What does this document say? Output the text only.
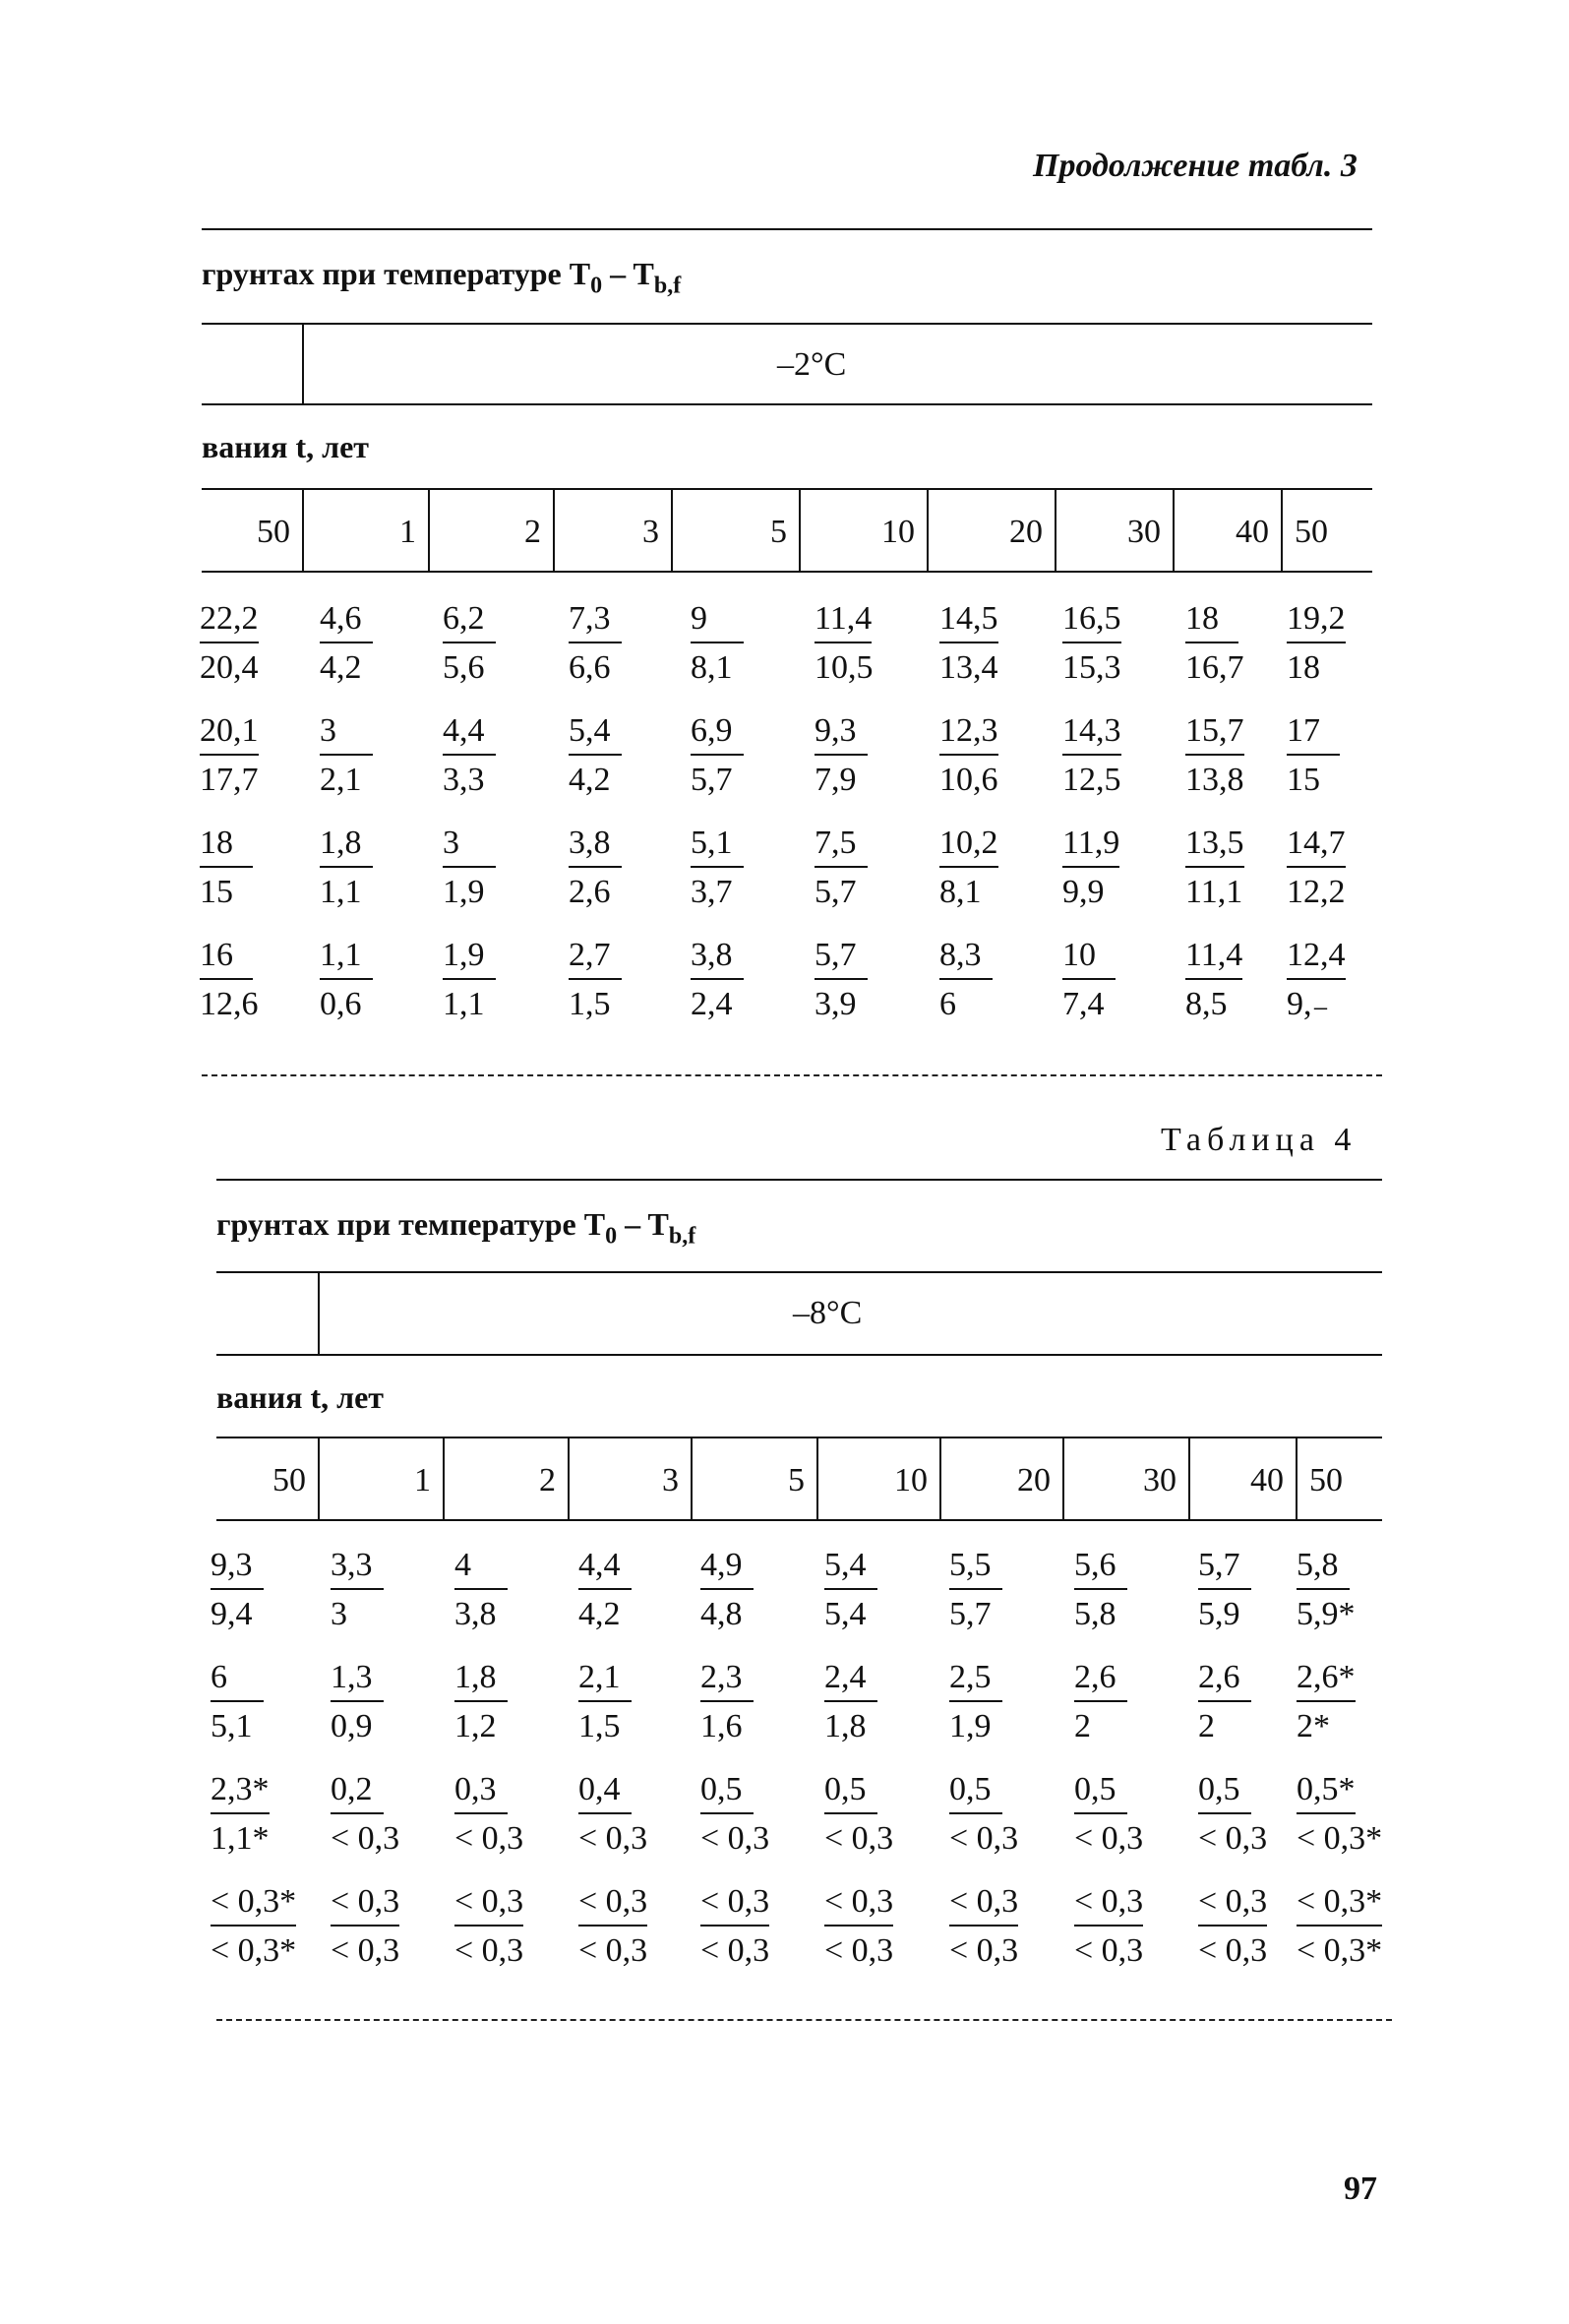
Продолжение табл. 3
грунтах при температуре $T_0 - T_{b,f}$
–2°C
вания t, лет
50	1	2	3	5	10	20	30	40 50
$\frac{22,2}{20,4} \frac{4,6}{4,2} \frac{6,2}{5,6} \frac{7,3}{6,6} \frac{9}{8,1} \frac{11,4}{10,5} \frac{14,5}{13,4} \frac{16,5}{15,3} \frac{18}{16,7} \frac{19,2}{18}$
$\frac{20,1}{17,7} \frac{3}{2,1} \frac{4,4}{3,3} \frac{5,4}{4,2} \frac{6,9}{5,7} \frac{9,3}{7,9} \frac{12,3}{10,6} \frac{14,3}{12,5} \frac{15,7}{13,8} \frac{17}{15}$
$\frac{18}{15} \frac{1,8}{1,1} \frac{3}{1,9} \frac{3,8}{2,6} \frac{5,1}{3,7} \frac{7,5}{5,7} \frac{10,2}{8,1} \frac{11,9}{9,9} \frac{13,5}{11,1} \frac{14,7}{12,2}$
$\frac{16}{12,6} \frac{1,1}{0,6} \frac{1,9}{1,1} \frac{2,7}{1,5} \frac{3,8}{2,4} \frac{5,7}{3,9} \frac{8,3}{6} \frac{10}{7,4} \frac{11,4}{8,5} \frac{12,4}{9,_-}$
Таблица 4
грунтах при температуре $T_0 - T_{b,f}$
–8°C
вания t, лет
50	1	2	3	5	10	20	30	40 50
$\frac{9,3}{9,4} \frac{3,3}{3} \frac{4}{3,8} \frac{4,4}{4,2} \frac{4,9}{4,8} \frac{5,4}{5,4} \frac{5,5}{5,7} \frac{5,6}{5,8} \frac{5,7}{5,9} \frac{5,8}{5,9*}$
$\frac{6}{5,1} \frac{1,3}{0,9} \frac{1,8}{1,2} \frac{2,1}{1,5} \frac{2,3}{1,6} \frac{2,4}{1,8} \frac{2,5}{1,9} \frac{2,6}{2} \frac{2,6}{2} \frac{2,6*}{2*}$
$\frac{2,3*}{1,1*} \frac{0,2}{< 0,3} \frac{0,3}{< 0,3} \frac{0,4}{< 0,3} \frac{0,5}{< 0,3} \frac{0,5}{< 0,3} \frac{0,5}{< 0,3} \frac{0,5}{< 0,3} \frac{0,5}{< 0,3} \frac{0,5*}{< 0,3*}$
$\frac{< 0,3*}{< 0,3*} \frac{< 0,3}{< 0,3} \frac{< 0,3}{< 0,3} \frac{< 0,3}{< 0,3} \frac{< 0,3}{< 0,3} \frac{< 0,3}{< 0,3} \frac{< 0,3}{< 0,3} \frac{< 0,3}{< 0,3} \frac{< 0,3}{< 0,3} \frac{< 0,3*}{< 0,3*}$
97
